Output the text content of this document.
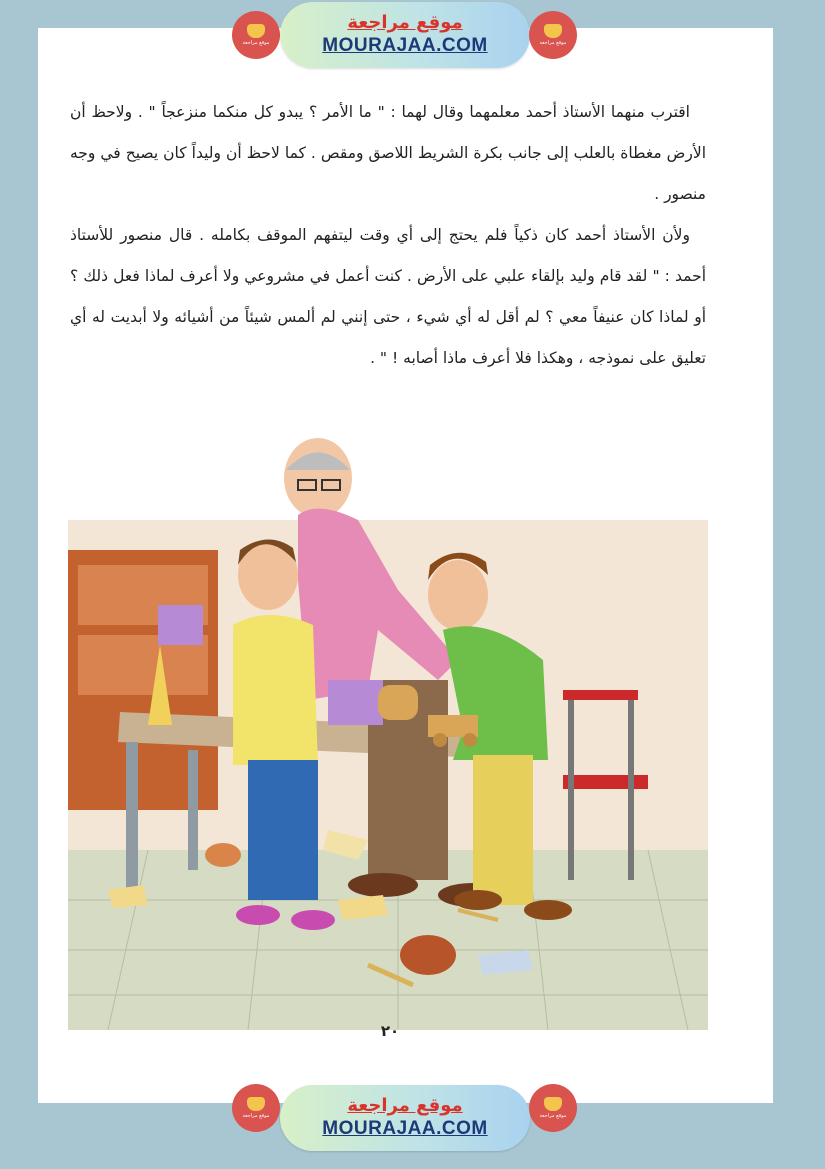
موقع مراجعة
موقع مراجعة
MOURAJAA.COM	موقع مراجعة

اقترب منهما الأستاذ أحمد معلمهما وقال لهما : " ما الأمر ؟ يبدو كل منكما منزعجاً " . ولاحظ أن الأرض مغطاة بالعلب إلى جانب بكرة الشريط اللاصق ومقص . كما لاحظ أن وليداً كان يصيح في وجه منصور .

ولأن الأستاذ أحمد كان ذكياً فلم يحتج إلى أي وقت ليتفهم الموقف بكامله . قال منصور للأستاذ أحمد : " لقد قام وليد بإلقاء علبي على الأرض . كنت أعمل في مشروعي ولا أعرف لماذا فعل ذلك ؟ أو لماذا كان عنيفاً معي ؟ لم أقل له أي شيء ، حتى إنني لم ألمس شيئاً من أشيائه ولا أبديت له أي تعليق على نموذجه ، وهكذا فلا أعرف ماذا أصابه ! " .

٢٠
موقع مراجعة	موقع مراجعة
MOURAJAA.COM
موقع مراجعة
